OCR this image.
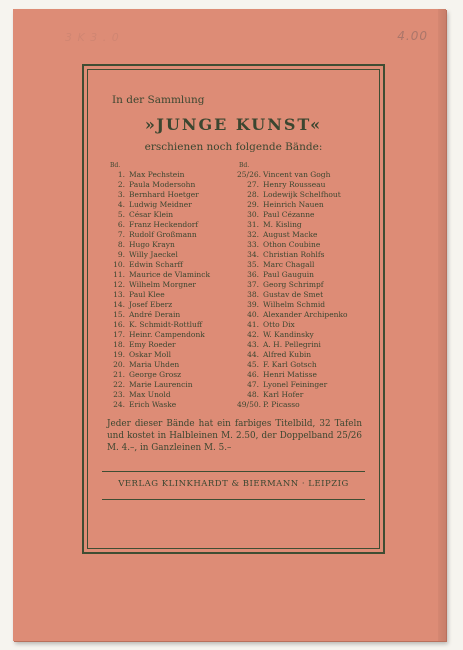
3 K 3 . 0	4.00
In der Sammlung
»JUNGE KUNST«
erschienen noch folgende Bände:
Bd.
1. Max Pechstein
2. Paula Modersohn
3. Bernhard Hoetger
4. Ludwig Meidner
5. César Klein
6. Franz Heckendorf
7. Rudolf Großmann
8. Hugo Krayn
9. Willy Jaeckel
10. Edwin Scharff
11. Maurice de Vlaminck
12. Wilhelm Morgner
13. Paul Klee
14. Josef Eberz
15. André Derain
16. K. Schmidt-Rottluff
17. Heinr. Campendonk
18. Emy Roeder
19. Oskar Moll
20. Maria Uhden
21. George Grosz
22. Marie Laurencin
23. Max Unold
24. Erich Waske
Bd.
25/26. Vincent van Gogh
27. Henry Rousseau
28. Lodewijk Schelfhout
29. Heinrich Nauen
30. Paul Cézanne
31. M. Kisling
32. August Macke
33. Othon Coubine
34. Christian Rohlfs
35. Marc Chagall
36. Paul Gauguin
37. Georg Schrimpf
38. Gustav de Smet
39. Wilhelm Schmid
40. Alexander Archipenko
41. Otto Dix
42. W. Kandinsky
43. A. H. Pellegrini
44. Alfred Kubin
45. F. Karl Gotsch
46. Henri Matisse
47. Lyonel Feininger
48. Karl Hofer
49/50. P. Picasso
Jeder dieser Bände hat ein farbiges Titelbild, 32 Tafeln und kostet in Halbleinen M. 2.50, der Doppelband 25/26 M. 4.–, in Ganzleinen M. 5.–
VERLAG KLINKHARDT & BIERMANN · LEIPZIG
